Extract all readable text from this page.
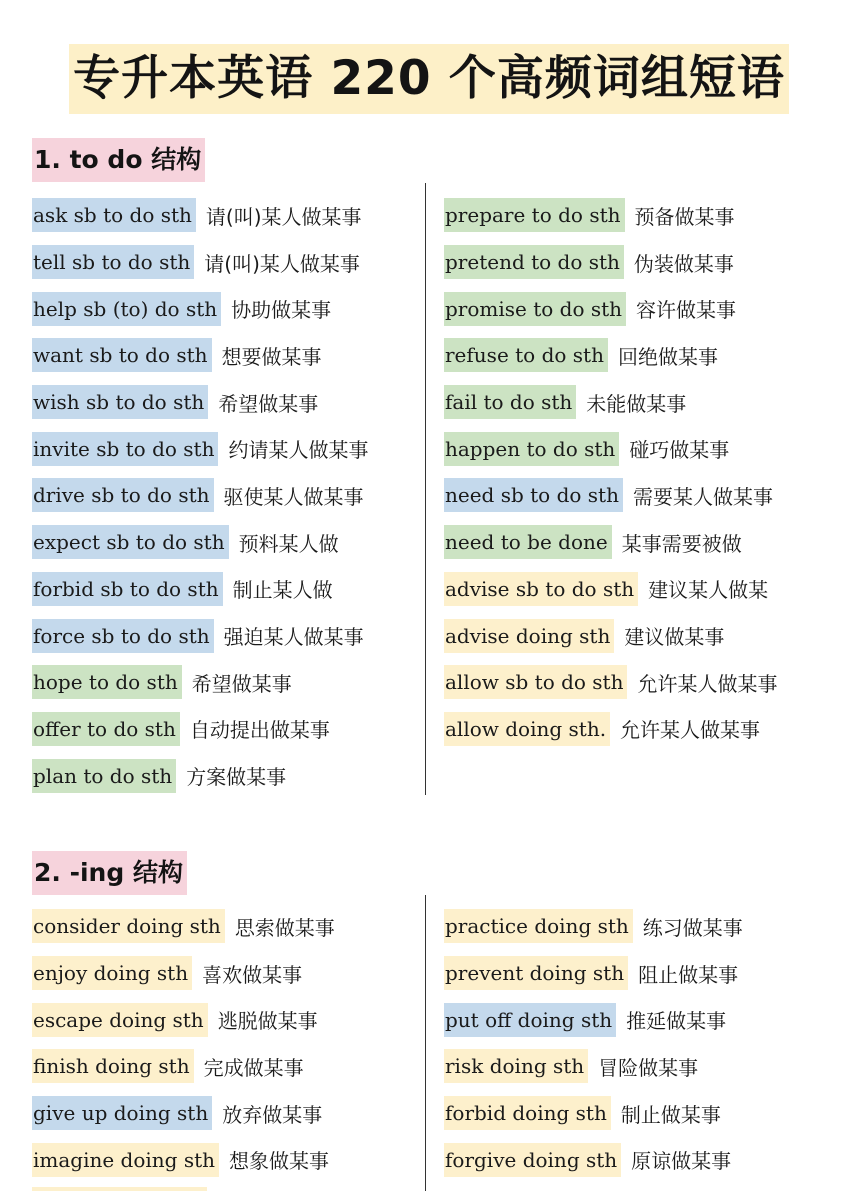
专升本英语 220 个高频词组短语
1. to do 结构
ask sb to do sth 请(叫)某人做某事
tell sb to do sth 请(叫)某人做某事
help sb (to) do sth 协助做某事
want sb to do sth 想要做某事
wish sb to do sth 希望做某事
invite sb to do sth 约请某人做某事
drive sb to do sth 驱使某人做某事
expect sb to do sth 预料某人做
forbid sb to do sth 制止某人做
force sb to do sth 强迫某人做某事
hope to do sth 希望做某事
offer to do sth 自动提出做某事
plan to do sth 方案做某事
prepare to do sth 预备做某事
pretend to do sth 伪装做某事
promise to do sth 容许做某事
refuse to do sth 回绝做某事
fail to do sth 未能做某事
happen to do sth 碰巧做某事
need sb to do sth 需要某人做某事
need to be done 某事需要被做
advise sb to do sth 建议某人做某
advise doing sth 建议做某事
allow sb to do sth 允许某人做某事
allow doing sth. 允许某人做某事
2. -ing 结构
consider doing sth 思索做某事
enjoy doing sth 喜欢做某事
escape doing sth 逃脱做某事
finish doing sth 完成做某事
give up doing sth 放弃做某事
imagine doing sth 想象做某事
practice doing sth 练习做某事
prevent doing sth 阻止做某事
put off doing sth 推延做某事
risk doing sth 冒险做某事
forbid doing sth 制止做某事
forgive doing sth 原谅做某事
